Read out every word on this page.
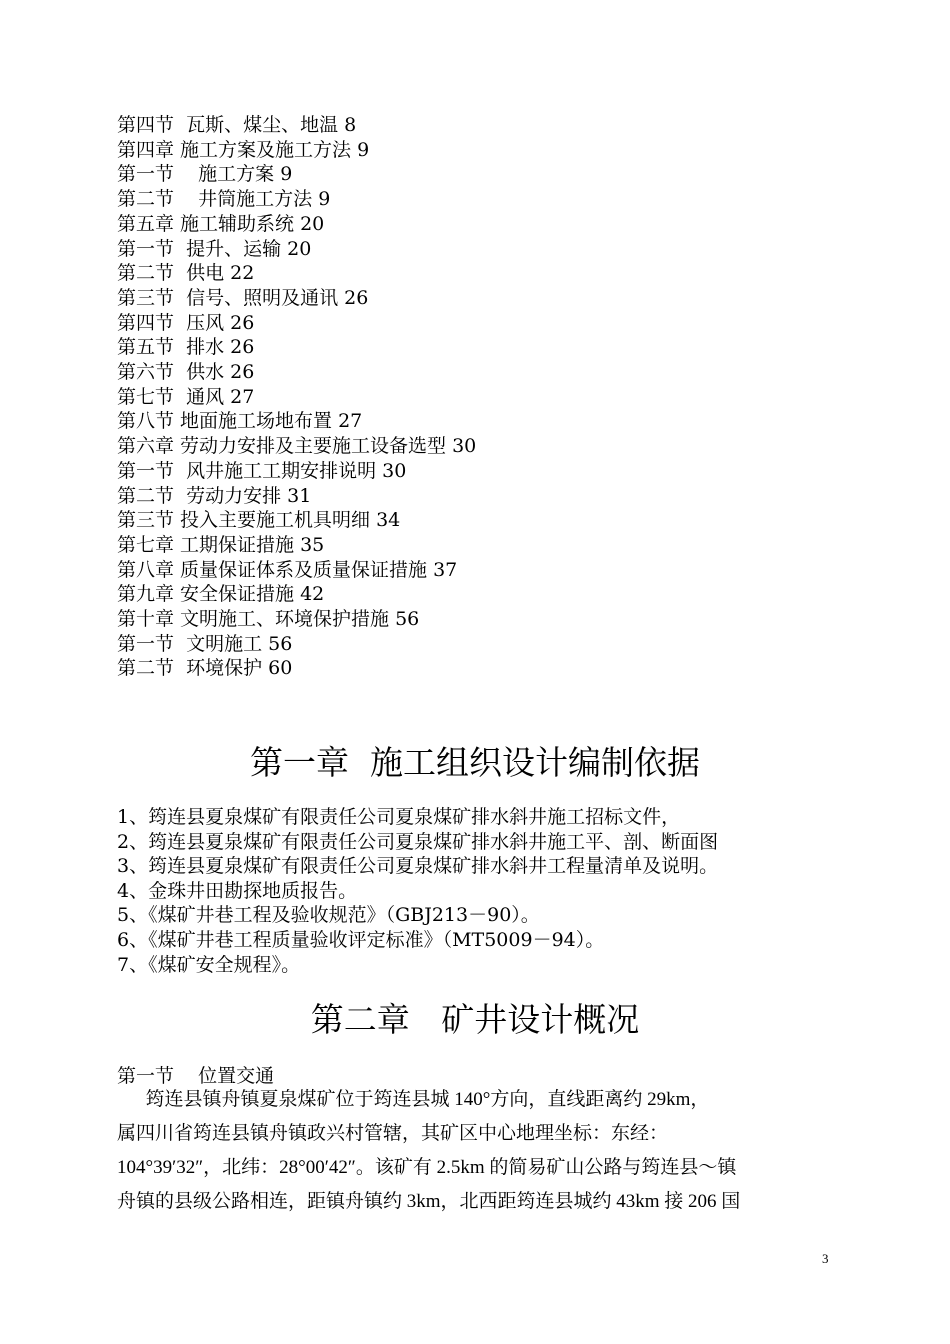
第四节  瓦斯、煤尘、地温 8
第四章 施工方案及施工方法 9
第一节    施工方案 9
第二节    井筒施工方法 9
第五章 施工辅助系统 20
第一节  提升、运输 20
第二节  供电 22
第三节  信号、照明及通讯 26
第四节  压风 26
第五节  排水 26
第六节  供水 26
第七节  通风 27
第八节 地面施工场地布置 27
第六章 劳动力安排及主要施工设备选型 30
第一节  风井施工工期安排说明 30
第二节  劳动力安排 31
第三节 投入主要施工机具明细 34
第七章 工期保证措施 35
第八章 质量保证体系及质量保证措施 37
第九章 安全保证措施 42
第十章 文明施工、环境保护措施 56
第一节  文明施工 56
第二节  环境保护 60
第一章  施工组织设计编制依据
1、筠连县夏泉煤矿有限责任公司夏泉煤矿排水斜井施工招标文件，
2、筠连县夏泉煤矿有限责任公司夏泉煤矿排水斜井施工平、剖、断面图
3、筠连县夏泉煤矿有限责任公司夏泉煤矿排水斜井工程量清单及说明。
4、金珠井田勘探地质报告。
5、《煤矿井巷工程及验收规范》（GBJ213－90）。
6、《煤矿井巷工程质量验收评定标准》（MT5009－94）。
7、《煤矿安全规程》。
第二章   矿井设计概况
第一节    位置交通

筠连县镇舟镇夏泉煤矿位于筠连县城 140°方向，直线距离约 29km，

属四川省筠连县镇舟镇政兴村管辖，其矿区中心地理坐标：东经：

104°39′32″，北纬：28°00′42″。该矿有 2.5km 的简易矿山公路与筠连县～镇

舟镇的县级公路相连，距镇舟镇约 3km，北西距筠连县城约 43km 接 206 国

3
